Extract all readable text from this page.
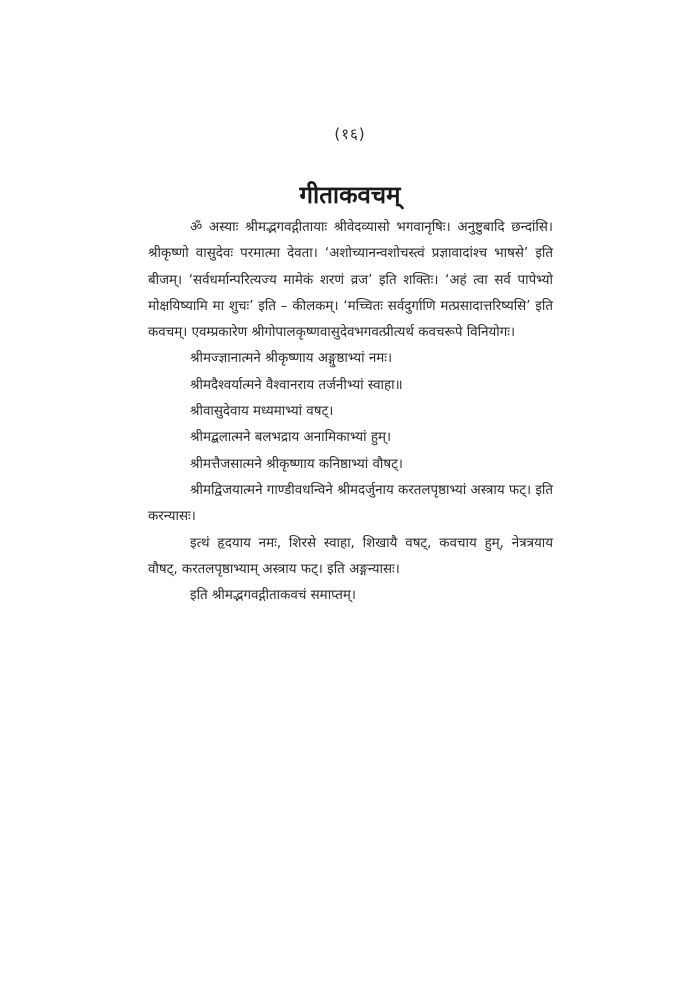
(१६)
गीताकवचम्

ॐ अस्याः श्रीमद्भगवद्गीतायाः श्रीवेदव्यासो भगवानृषिः। अनुष्टुबादि छन्दांसि। श्रीकृष्णो वासुदेवः परमात्मा देवता। ‘अशोच्यानन्वशोचस्त्वं प्रज्ञावादांश्च भाषसे’ इति बीजम्। ‘सर्वधर्मान्परित्यज्य मामेकं शरणं व्रज’ इति शक्तिः। ‘अहं त्वा सर्व पापेभ्यो मोक्षयिष्यामि मा शुचः’ इति – कीलकम्। ‘मच्चितः सर्वदुर्गाणि मत्प्रसादात्तरिष्यसि’ इति कवचम्। एवम्प्रकारेण श्रीगोपालकृष्णवासुदेवभगवत्प्रीत्यर्थ कवचरूपे विनियोगः।

श्रीमज्ज्ञानात्मने श्रीकृष्णाय अङ्गुष्ठाभ्यां नमः।

श्रीमदैश्वर्यात्मने वैश्वानराय तर्जनीभ्यां स्वाहा॥

श्रीवासुदेवाय मध्यमाभ्यां वषट्।

श्रीमद्बलात्मने बलभद्राय अनामिकाभ्यां हुम्।

श्रीमत्तैजसात्मने श्रीकृष्णाय कनिष्ठाभ्यां वौषट्।

श्रीमद्विजयात्मने गाण्डीवधन्विने श्रीमदर्जुनाय करतलपृष्ठाभ्यां अस्त्राय फट्। इति करन्यासः।

इत्थं हृदयाय नमः, शिरसे स्वाहा, शिखायै वषट्, कवचाय हुम्, नेत्रत्रयाय वौषट्, करतलपृष्ठाभ्याम् अस्त्राय फट्। इति अङ्गन्यासः।

इति श्रीमद्भगवद्गीताकवचं समाप्तम्।
